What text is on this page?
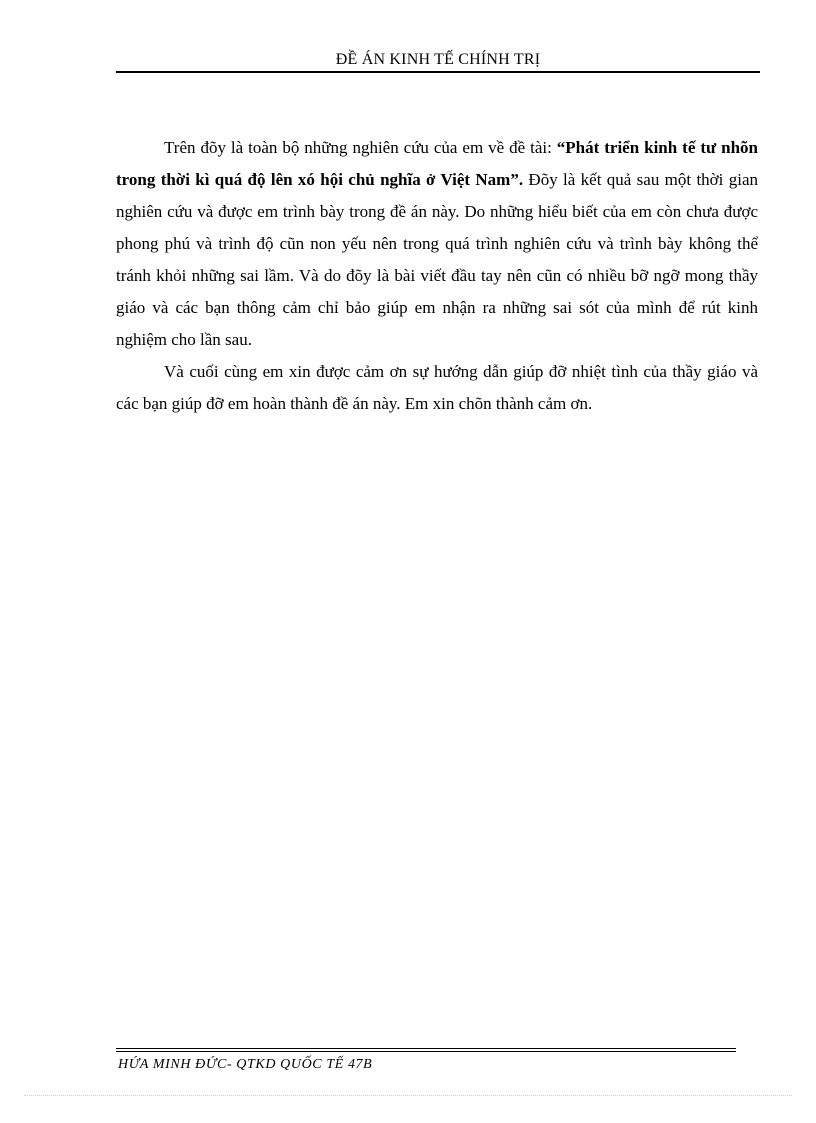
ĐỀ ÁN KINH TẾ CHÍNH TRỊ

Trên đõy là toàn bộ những nghiên cứu của em về đề tài: “Phát triển kinh tế tư nhõn trong thời kì quá độ lên xó hội chủ nghĩa ở Việt Nam”. Đõy là kết quả sau một thời gian nghiên cứu và được em trình bày trong đề án này. Do những hiểu biết của em còn chưa được phong phú và trình độ cũn non yếu nên trong quá trình nghiên cứu và trình bày không thể tránh khỏi những sai lầm. Và do đõy là bài viết đầu tay nên cũn có nhiều bỡ ngỡ mong thầy giáo và các bạn thông cảm chỉ bảo giúp em nhận ra những sai sót của mình để rút kinh nghiệm cho lần sau.

Và cuối cùng em xin được cảm ơn sự hướng dẫn giúp đỡ nhiệt tình của thầy giáo và các bạn giúp đỡ em hoàn thành đề án này. Em xin chõn thành cảm ơn.

HỨA MINH ĐỨC- QTKD QUỐC TẾ 47B
